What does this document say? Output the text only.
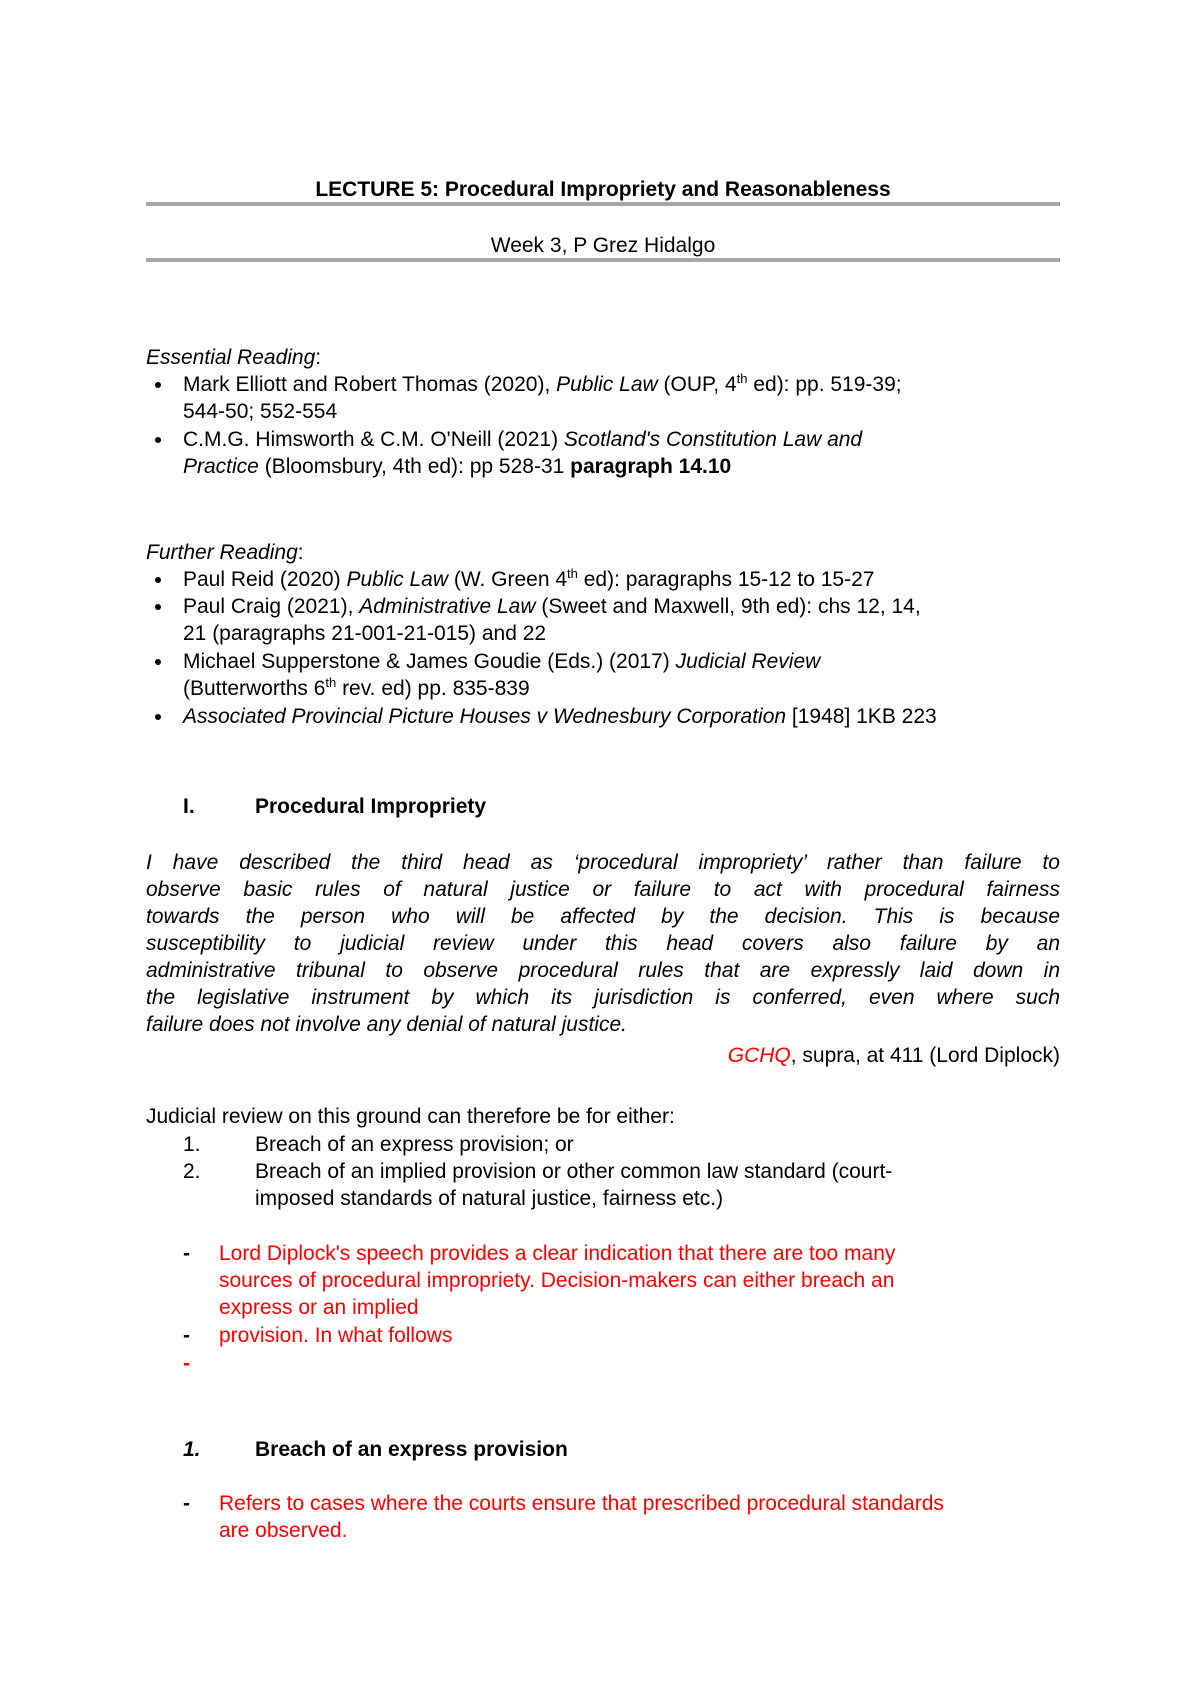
LECTURE 5: Procedural Impropriety and Reasonableness
Week 3, P Grez Hidalgo
Essential Reading:
Mark Elliott and Robert Thomas (2020), Public Law (OUP, 4th ed): pp. 519-39;
544-50; 552-554
C.M.G. Himsworth & C.M. O'Neill (2021) Scotland's Constitution Law and
Practice (Bloomsbury, 4th ed): pp 528-31 paragraph 14.10
Further Reading:
Paul Reid (2020) Public Law (W. Green 4th ed): paragraphs 15-12 to 15-27
Paul Craig (2021), Administrative Law (Sweet and Maxwell, 9th ed): chs 12, 14,
21 (paragraphs 21-001-21-015) and 22
Michael Supperstone & James Goudie (Eds.) (2017) Judicial Review
(Butterworths 6th rev. ed) pp. 835-839
Associated Provincial Picture Houses v Wednesbury Corporation [1948] 1KB 223
I.	Procedural Impropriety
I have described the third head as ‘procedural impropriety’ rather than failure to
observe basic rules of natural justice or failure to act with procedural fairness
towards the person who will be affected by the decision. This is because
susceptibility to judicial review under this head covers also failure by an
administrative tribunal to observe procedural rules that are expressly laid down in
the legislative instrument by which its jurisdiction is conferred, even where such
failure does not involve any denial of natural justice.
GCHQ, supra, at 411 (Lord Diplock)
Judicial review on this ground can therefore be for either:
1.	Breach of an express provision; or
2.	Breach of an implied provision or other common law standard (court-
imposed standards of natural justice, fairness etc.)
- Lord Diplock's speech provides a clear indication that there are too many
sources of procedural impropriety. Decision-makers can either breach an
express or an implied
- provision. In what follows
-
1.	Breach of an express provision
- Refers to cases where the courts ensure that prescribed procedural standards
are observed.
